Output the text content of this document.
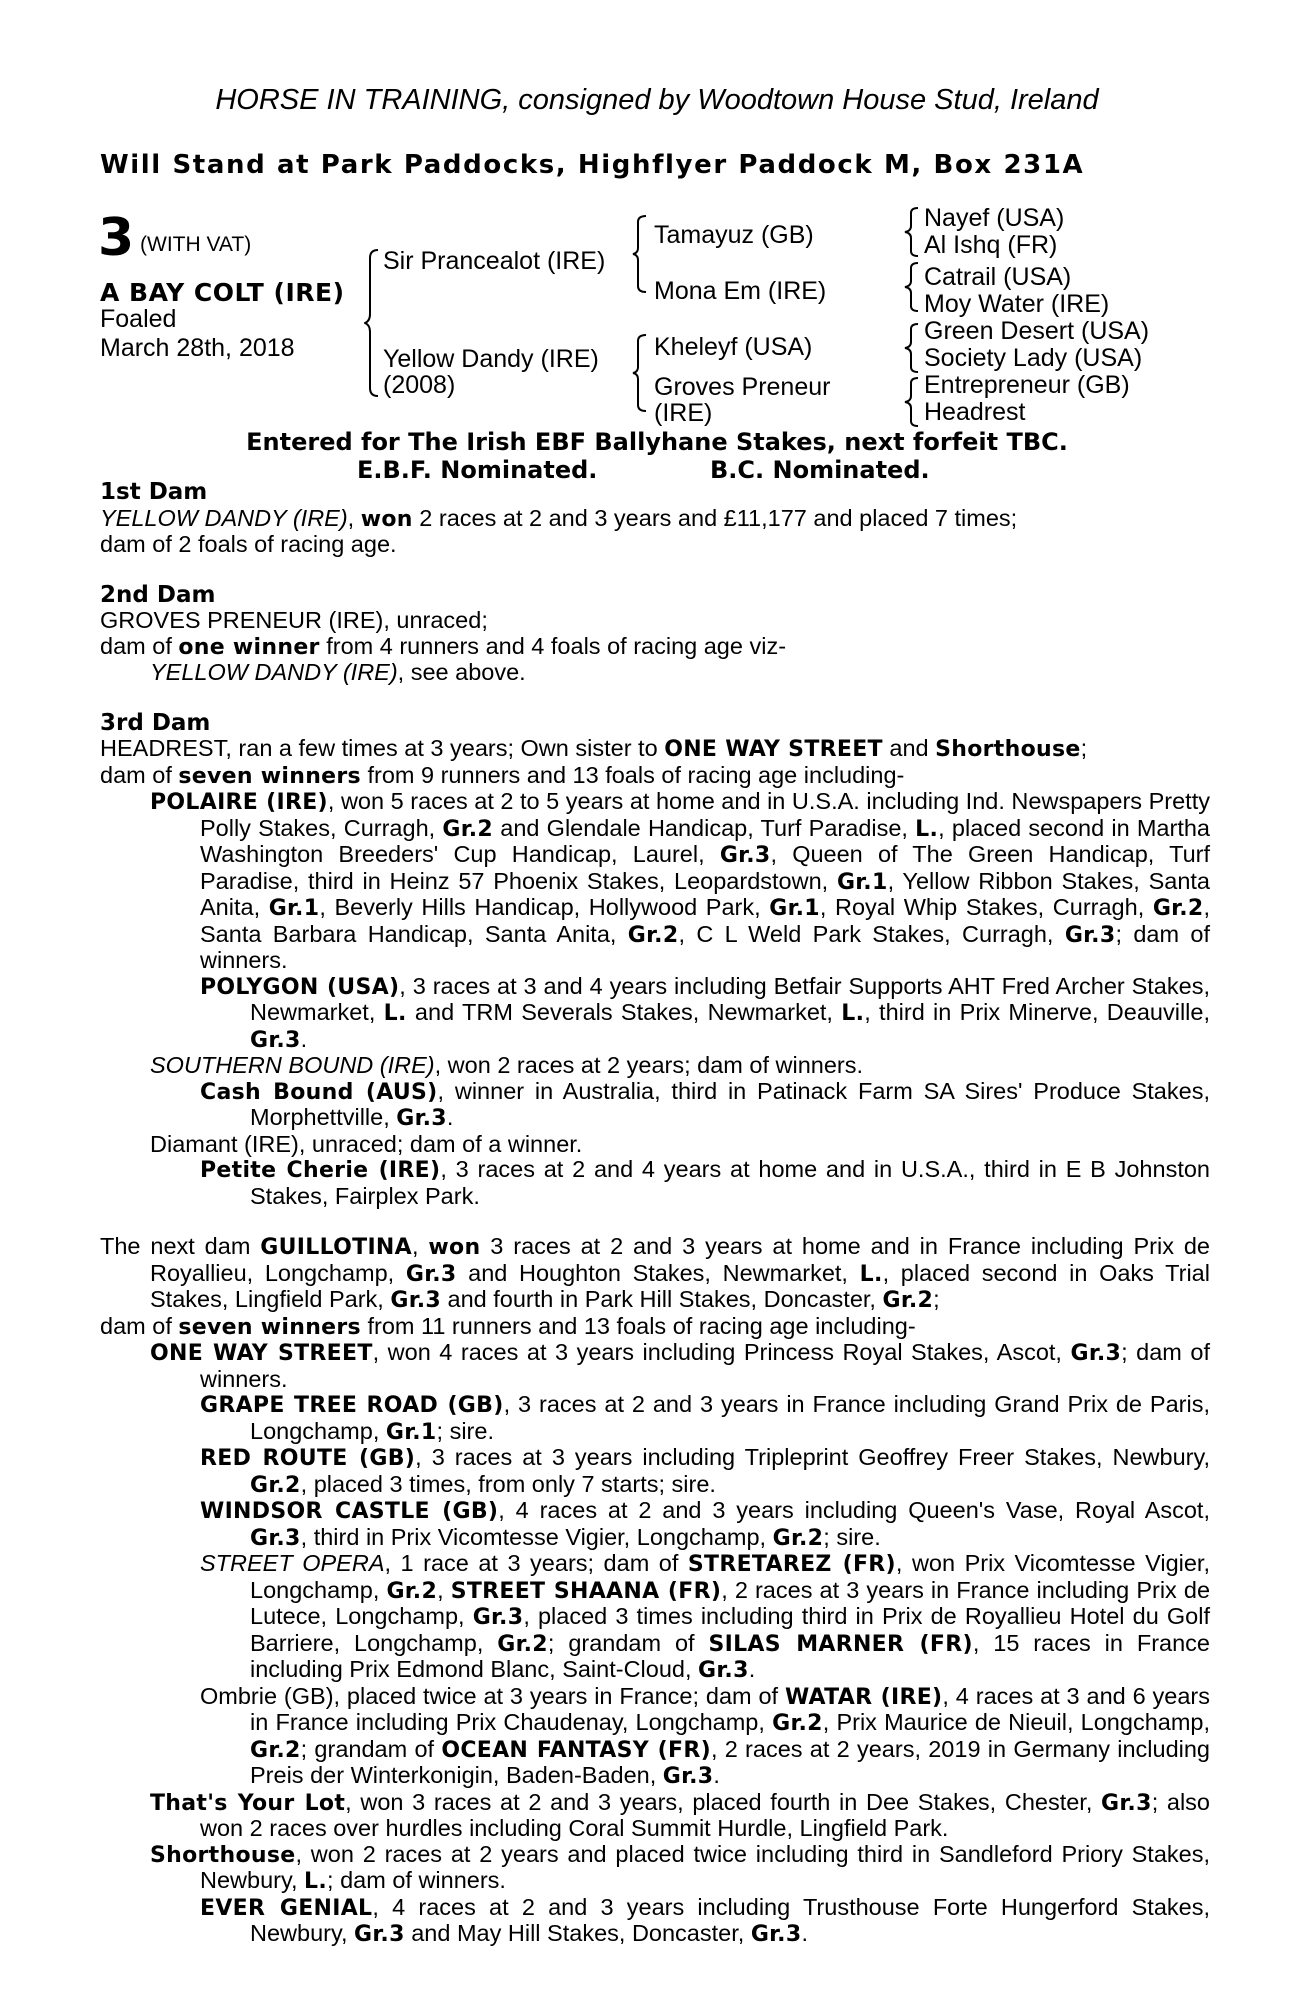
HORSE IN TRAINING, consigned by Woodtown House Stud, Ireland
Will Stand at Park Paddocks, Highflyer Paddock M, Box 231A
3 (WITH VAT)
A BAY COLT (IRE)
Foaled
March 28th, 2018
Sir Prancealot (IRE)
Yellow Dandy (IRE)
(2008)
Tamayuz (GB)
Mona Em (IRE)
Kheleyf (USA)
Groves Preneur
(IRE)
Nayef (USA)
Al Ishq (FR)
Catrail (USA)
Moy Water (IRE)
Green Desert (USA)
Society Lady (USA)
Entrepreneur (GB)
Headrest
Entered for The Irish EBF Ballyhane Stakes, next forfeit TBC.
E.B.F. Nominated.	B.C. Nominated.

1st Dam

YELLOW DANDY (IRE), won 2 races at 2 and 3 years and £11,177 and placed 7 times;

dam of 2 foals of racing age.

2nd Dam

GROVES PRENEUR (IRE), unraced;

dam of one winner from 4 runners and 4 foals of racing age viz-

YELLOW DANDY (IRE), see above.

3rd Dam

HEADREST, ran a few times at 3 years; Own sister to ONE WAY STREET and Shorthouse;

dam of seven winners from 9 runners and 13 foals of racing age including-

POLAIRE (IRE), won 5 races at 2 to 5 years at home and in U.S.A. including Ind. Newspapers Pretty Polly Stakes, Curragh, Gr.2 and Glendale Handicap, Turf Paradise, L., placed second in Martha Washington Breeders' Cup Handicap, Laurel, Gr.3, Queen of The Green Handicap, Turf Paradise, third in Heinz 57 Phoenix Stakes, Leopardstown, Gr.1, Yellow Ribbon Stakes, Santa Anita, Gr.1, Beverly Hills Handicap, Hollywood Park, Gr.1, Royal Whip Stakes, Curragh, Gr.2, Santa Barbara Handicap, Santa Anita, Gr.2, C L Weld Park Stakes, Curragh, Gr.3; dam of winners.

POLYGON (USA), 3 races at 3 and 4 years including Betfair Supports AHT Fred Archer Stakes, Newmarket, L. and TRM Severals Stakes, Newmarket, L., third in Prix Minerve, Deauville, Gr.3.

SOUTHERN BOUND (IRE), won 2 races at 2 years; dam of winners.

Cash Bound (AUS), winner in Australia, third in Patinack Farm SA Sires' Produce Stakes, Morphettville, Gr.3.

Diamant (IRE), unraced; dam of a winner.

Petite Cherie (IRE), 3 races at 2 and 4 years at home and in U.S.A., third in E B Johnston Stakes, Fairplex Park.

The next dam GUILLOTINA, won 3 races at 2 and 3 years at home and in France including Prix de Royallieu, Longchamp, Gr.3 and Houghton Stakes, Newmarket, L., placed second in Oaks Trial Stakes, Lingfield Park, Gr.3 and fourth in Park Hill Stakes, Doncaster, Gr.2;

dam of seven winners from 11 runners and 13 foals of racing age including-

ONE WAY STREET, won 4 races at 3 years including Princess Royal Stakes, Ascot, Gr.3; dam of winners.

GRAPE TREE ROAD (GB), 3 races at 2 and 3 years in France including Grand Prix de Paris, Longchamp, Gr.1; sire.

RED ROUTE (GB), 3 races at 3 years including Tripleprint Geoffrey Freer Stakes, Newbury, Gr.2, placed 3 times, from only 7 starts; sire.

WINDSOR CASTLE (GB), 4 races at 2 and 3 years including Queen's Vase, Royal Ascot, Gr.3, third in Prix Vicomtesse Vigier, Longchamp, Gr.2; sire.

STREET OPERA, 1 race at 3 years; dam of STRETAREZ (FR), won Prix Vicomtesse Vigier, Longchamp, Gr.2, STREET SHAANA (FR), 2 races at 3 years in France including Prix de Lutece, Longchamp, Gr.3, placed 3 times including third in Prix de Royallieu Hotel du Golf Barriere, Longchamp, Gr.2; grandam of SILAS MARNER (FR), 15 races in France including Prix Edmond Blanc, Saint-Cloud, Gr.3.

Ombrie (GB), placed twice at 3 years in France; dam of WATAR (IRE), 4 races at 3 and 6 years in France including Prix Chaudenay, Longchamp, Gr.2, Prix Maurice de Nieuil, Longchamp, Gr.2; grandam of OCEAN FANTASY (FR), 2 races at 2 years, 2019 in Germany including Preis der Winterkonigin, Baden-Baden, Gr.3.

That's Your Lot, won 3 races at 2 and 3 years, placed fourth in Dee Stakes, Chester, Gr.3; also won 2 races over hurdles including Coral Summit Hurdle, Lingfield Park.

Shorthouse, won 2 races at 2 years and placed twice including third in Sandleford Priory Stakes, Newbury, L.; dam of winners.

EVER GENIAL, 4 races at 2 and 3 years including Trusthouse Forte Hungerford Stakes, Newbury, Gr.3 and May Hill Stakes, Doncaster, Gr.3.
